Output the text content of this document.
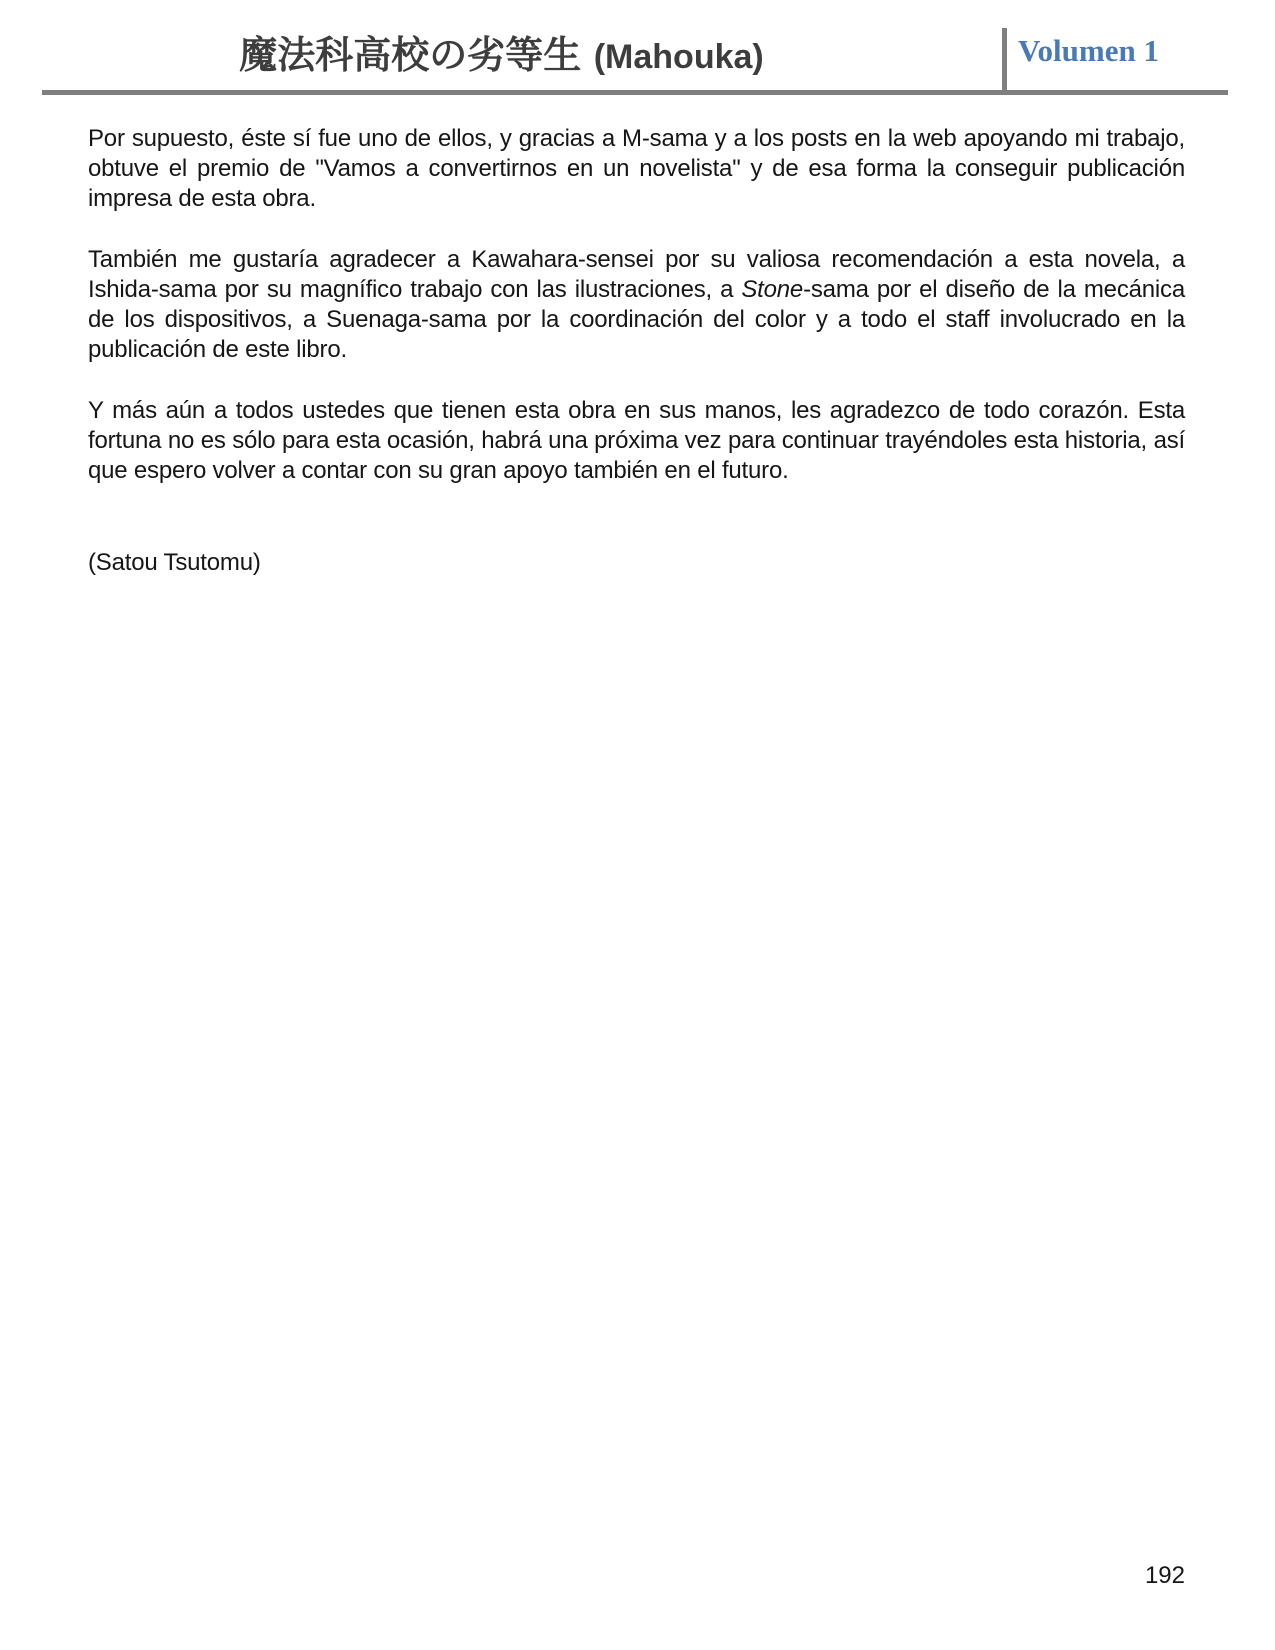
魔法科高校の劣等生 (Mahouka)	Volumen 1

Por supuesto, éste sí fue uno de ellos, y gracias a M-sama y a los posts en la web apoyando mi trabajo, obtuve el premio de "Vamos a convertirnos en un novelista" y de esa forma la conseguir publicación impresa de esta obra.

También me gustaría agradecer a Kawahara-sensei por su valiosa recomendación a esta novela, a Ishida-sama por su magnífico trabajo con las ilustraciones, a Stone-sama por el diseño de la mecánica de los dispositivos, a Suenaga-sama por la coordinación del color y a todo el staff involucrado en la publicación de este libro.

Y más aún a todos ustedes que tienen esta obra en sus manos, les agradezco de todo corazón. Esta fortuna no es sólo para esta ocasión, habrá una próxima vez para continuar trayéndoles esta historia, así que espero volver a contar con su gran apoyo también en el futuro.

(Satou Tsutomu)
192
